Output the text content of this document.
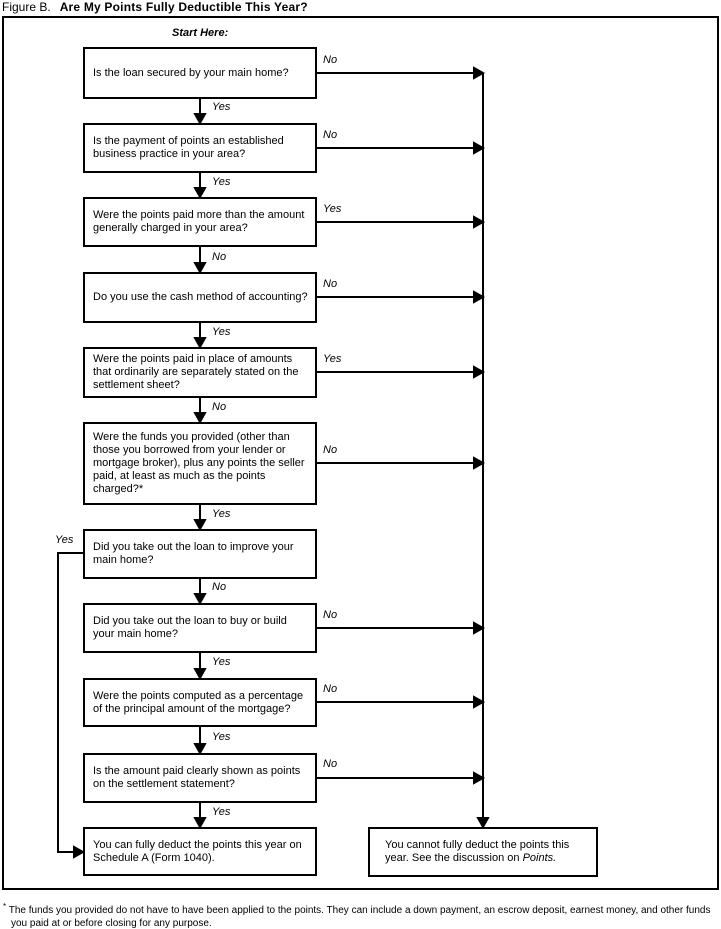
Figure B. Are My Points Fully Deductible This Year?
Start Here:
Is the loan secured by your main home?
Is the payment of points an established business practice in your area?
Were the points paid more than the amount generally charged in your area?
Do you use the cash method of accounting?
Were the points paid in place of amounts that ordinarily are separately stated on the settlement sheet?
Were the funds you provided (other than those you borrowed from your lender or mortgage broker), plus any points the seller paid, at least as much as the points charged?*
Did you take out the loan to improve your main home?
Did you take out the loan to buy or build your main home?
Were the points computed as a percentage of the principal amount of the mortgage?
Is the amount paid clearly shown as points on the settlement statement?
You can fully deduct the points this year on Schedule A (Form 1040).
You cannot fully deduct the points this year. See the discussion on Points.
No
No
Yes
No
Yes
No
Yes
No
No
No
Yes
Yes
No
Yes
No
Yes
No
Yes
Yes
Yes
* The funds you provided do not have to have been applied to the points. They can include a down payment, an escrow deposit, earnest money, and other funds
you paid at or before closing for any purpose.
